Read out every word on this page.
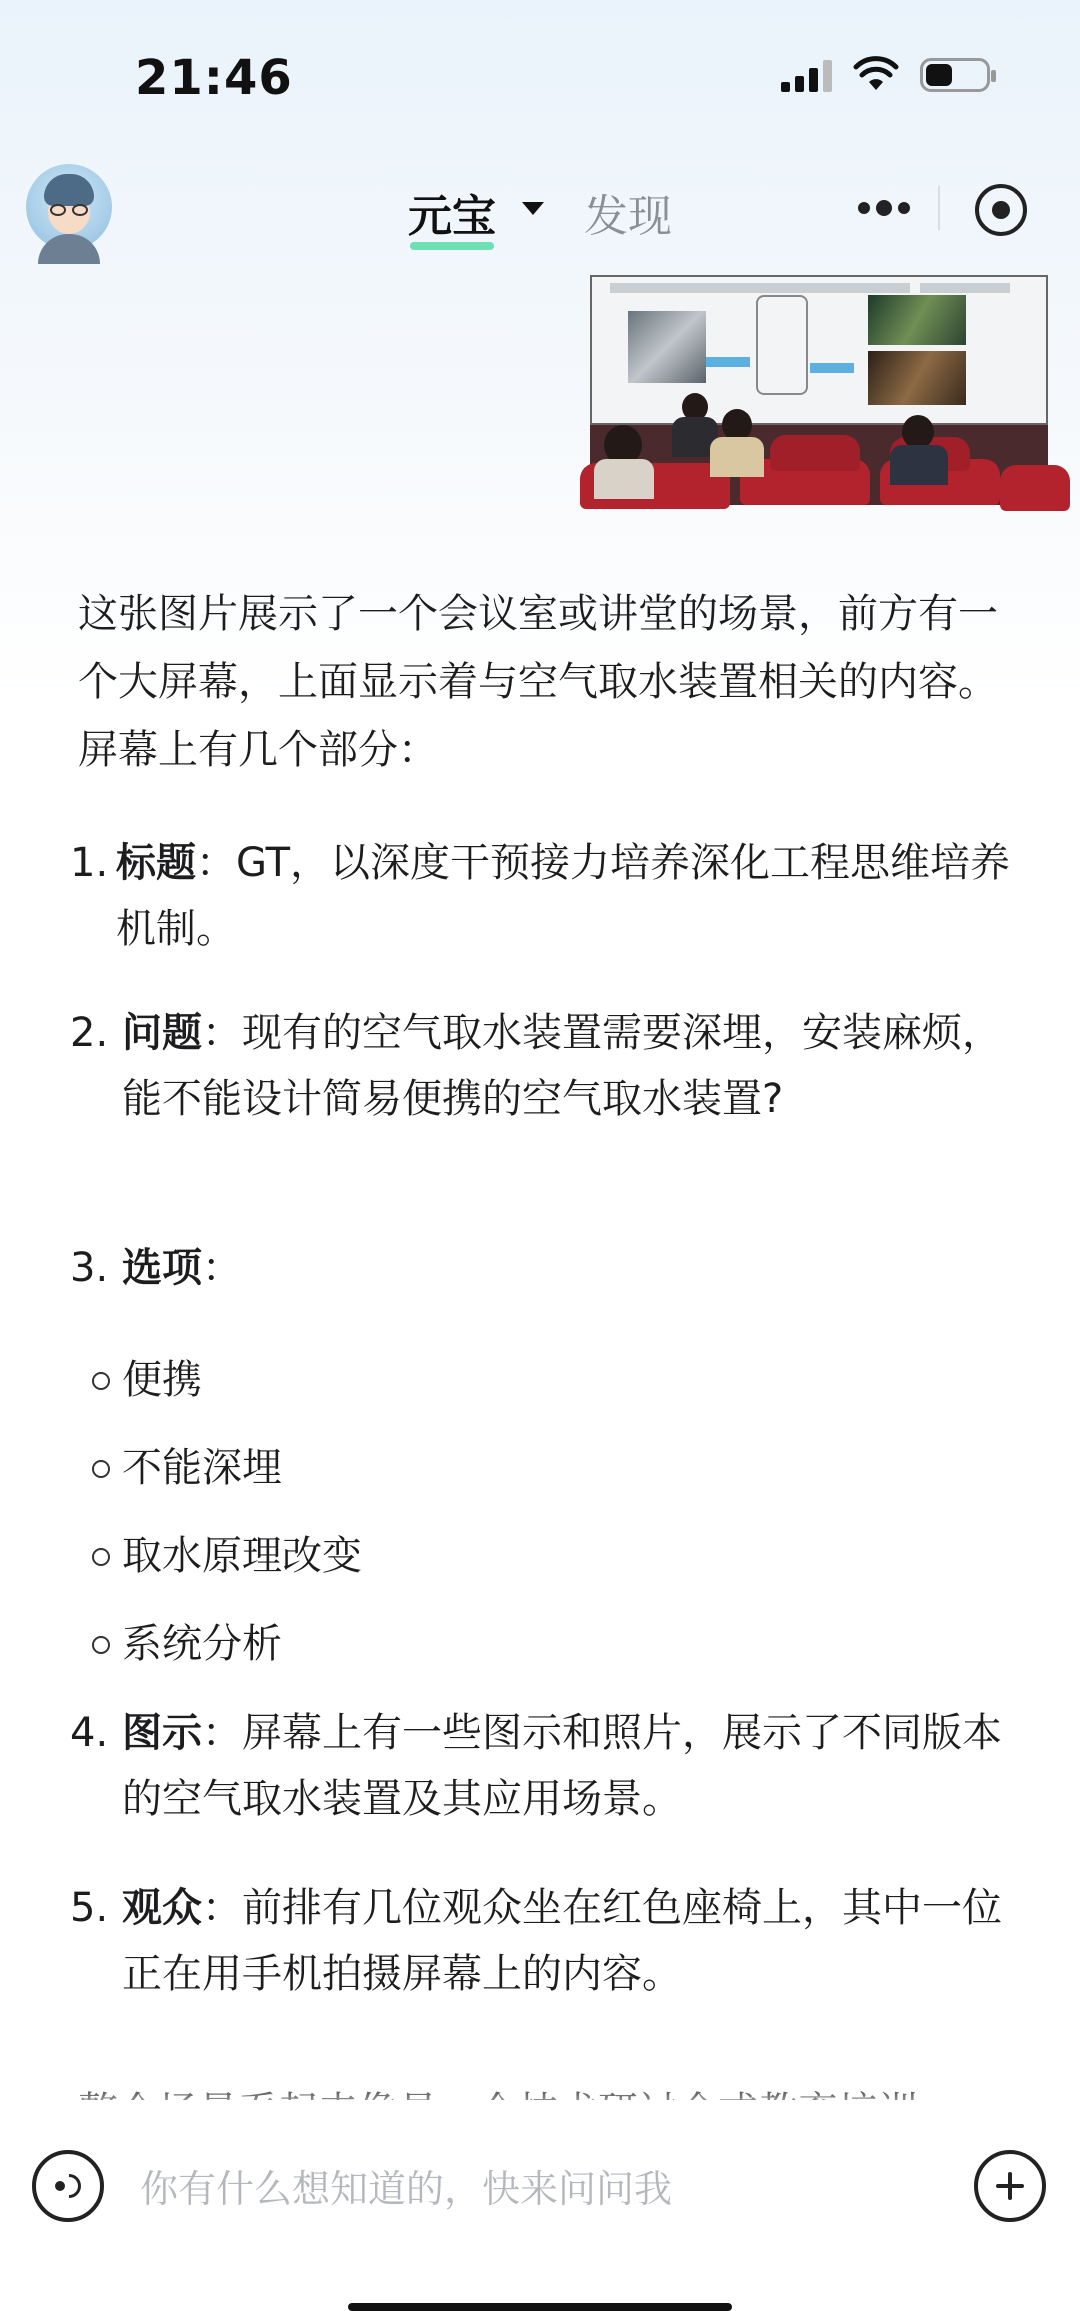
21:46
元宝 发现
这张图片展示了一个会议室或讲堂的场景，前方有一个大屏幕，上面显示着与空气取水装置相关的内容。屏幕上有几个部分：
1. 标题：GT，以深度干预接力培养深化工程思维培养机制。
2. 问题：现有的空气取水装置需要深埋，安装麻烦，能不能设计简易便携的空气取水装置?
3. 选项：
便携
不能深埋
取水原理改变
系统分析
4. 图示：屏幕上有一些图示和照片，展示了不同版本的空气取水装置及其应用场景。
5. 观众：前排有几位观众坐在红色座椅上，其中一位正在用手机拍摄屏幕上的内容。
你有什么想知道的，快来问问我
